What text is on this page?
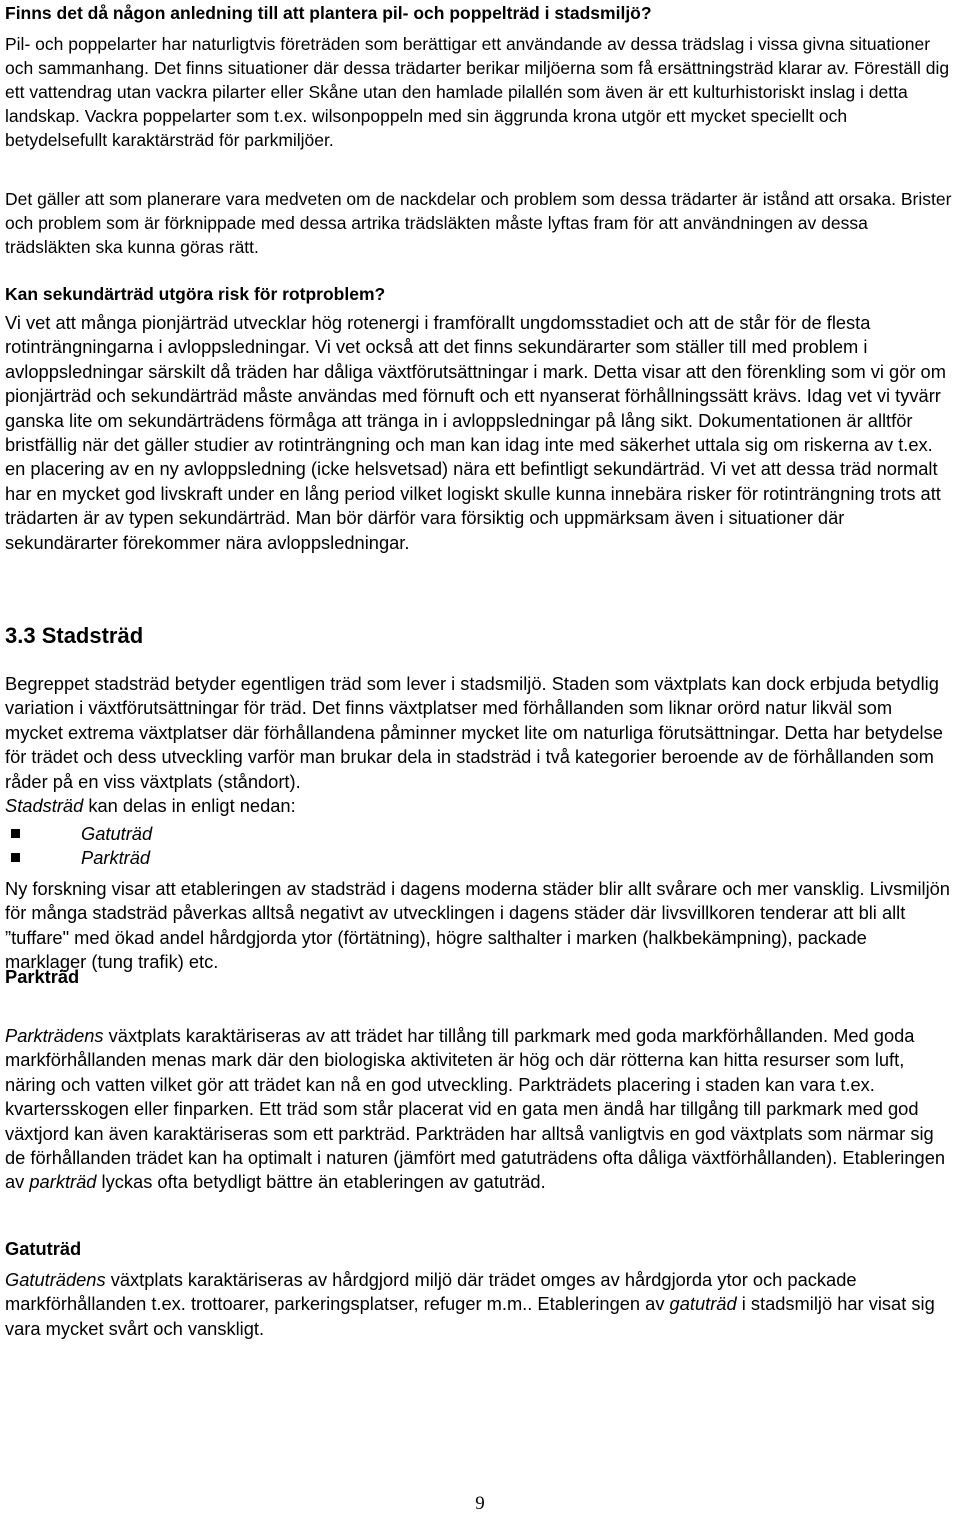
Finns det då någon anledning till att plantera pil- och poppelträd i stadsmiljö?

Pil- och poppelarter har naturligtvis företräden som berättigar ett användande av dessa trädslag i vissa givna situationer och sammanhang. Det finns situationer där dessa trädarter berikar miljöerna som få ersättningsträd klarar av. Föreställ dig ett vattendrag utan vackra pilarter eller Skåne utan den hamlade pilallén som även är ett kulturhistoriskt inslag i detta landskap. Vackra poppelarter som t.ex. wilsonpoppeln med sin äggrunda krona utgör ett mycket speciellt och betydelsefullt karaktärsträd för parkmiljöer.

Det gäller att som planerare vara medveten om de nackdelar och problem som dessa trädarter är istånd att orsaka. Brister och problem som är förknippade med dessa artrika trädsläkten måste lyftas fram för att användningen av dessa trädsläkten ska kunna göras rätt.

Kan sekundärträd utgöra risk för rotproblem?

Vi vet att många pionjärträd utvecklar hög rotenergi i framförallt ungdomsstadiet och att de står för de flesta rotinträngningarna i avloppsledningar. Vi vet också att det finns sekundärarter som ställer till med problem i avloppsledningar särskilt då träden har dåliga växtförutsättningar i mark. Detta visar att den förenkling som vi gör om pionjärträd och sekundärträd måste användas med förnuft och ett nyanserat förhållningssätt krävs. Idag vet vi tyvärr ganska lite om sekundärträdens förmåga att tränga in i avloppsledningar på lång sikt. Dokumentationen är alltför bristfällig när det gäller studier av rotinträngning och man kan idag inte med säkerhet uttala sig om riskerna av t.ex. en placering av en ny avloppsledning (icke helsvetsad) nära ett befintligt sekundärträd. Vi vet att dessa träd normalt har en mycket god livskraft under en lång period vilket logiskt skulle kunna innebära risker för rotinträngning trots att trädarten är av typen sekundärträd. Man bör därför vara försiktig och uppmärksam även i situationer där sekundärarter förekommer nära avloppsledningar.

3.3 Stadsträd

Begreppet stadsträd betyder egentligen träd som lever i stadsmiljö. Staden som växtplats kan dock erbjuda betydlig variation i växtförutsättningar för träd. Det finns växtplatser med förhållanden som liknar orörd natur likväl som mycket extrema växtplatser där förhållandena påminner mycket lite om naturliga förutsättningar. Detta har betydelse för trädet och dess utveckling varför man brukar dela in stadsträd i två kategorier beroende av de förhållanden som råder på en viss växtplats (ståndort).

Stadsträd kan delas in enligt nedan:

Gatuträd
Parkträd

Ny forskning visar att etableringen av stadsträd i dagens moderna städer blir allt svårare och mer vansklig. Livsmiljön för många stadsträd påverkas alltså negativt av utvecklingen i dagens städer där livsvillkoren tenderar att bli allt ”tuffare" med ökad andel hårdgjorda ytor (förtätning), högre salthalter i marken (halkbekämpning), packade marklager (tung trafik) etc.

Parkträd

Parkträdens växtplats karaktäriseras av att trädet har tillång till parkmark med goda markförhållanden. Med goda markförhållanden menas mark där den biologiska aktiviteten är hög och där rötterna kan hitta resurser som luft, näring och vatten vilket gör att trädet kan nå en god utveckling. Parkträdets placering i staden kan vara t.ex. kvartersskogen eller finparken. Ett träd som står placerat vid en gata men ändå har tillgång till parkmark med god växtjord kan även karaktäriseras som ett parkträd. Parkträden har alltså vanligtvis en god växtplats som närmar sig de förhållanden trädet kan ha optimalt i naturen (jämfört med gatuträdens ofta dåliga växtförhållanden). Etableringen av parkträd lyckas ofta betydligt bättre än etableringen av gatuträd.

Gatuträd

Gatuträdens växtplats karaktäriseras av hårdgjord miljö där trädet omges av hårdgjorda ytor och packade markförhållanden t.ex. trottoarer, parkeringsplatser, refuger m.m.. Etableringen av gatuträd i stadsmiljö har visat sig vara mycket svårt och vanskligt.

9
